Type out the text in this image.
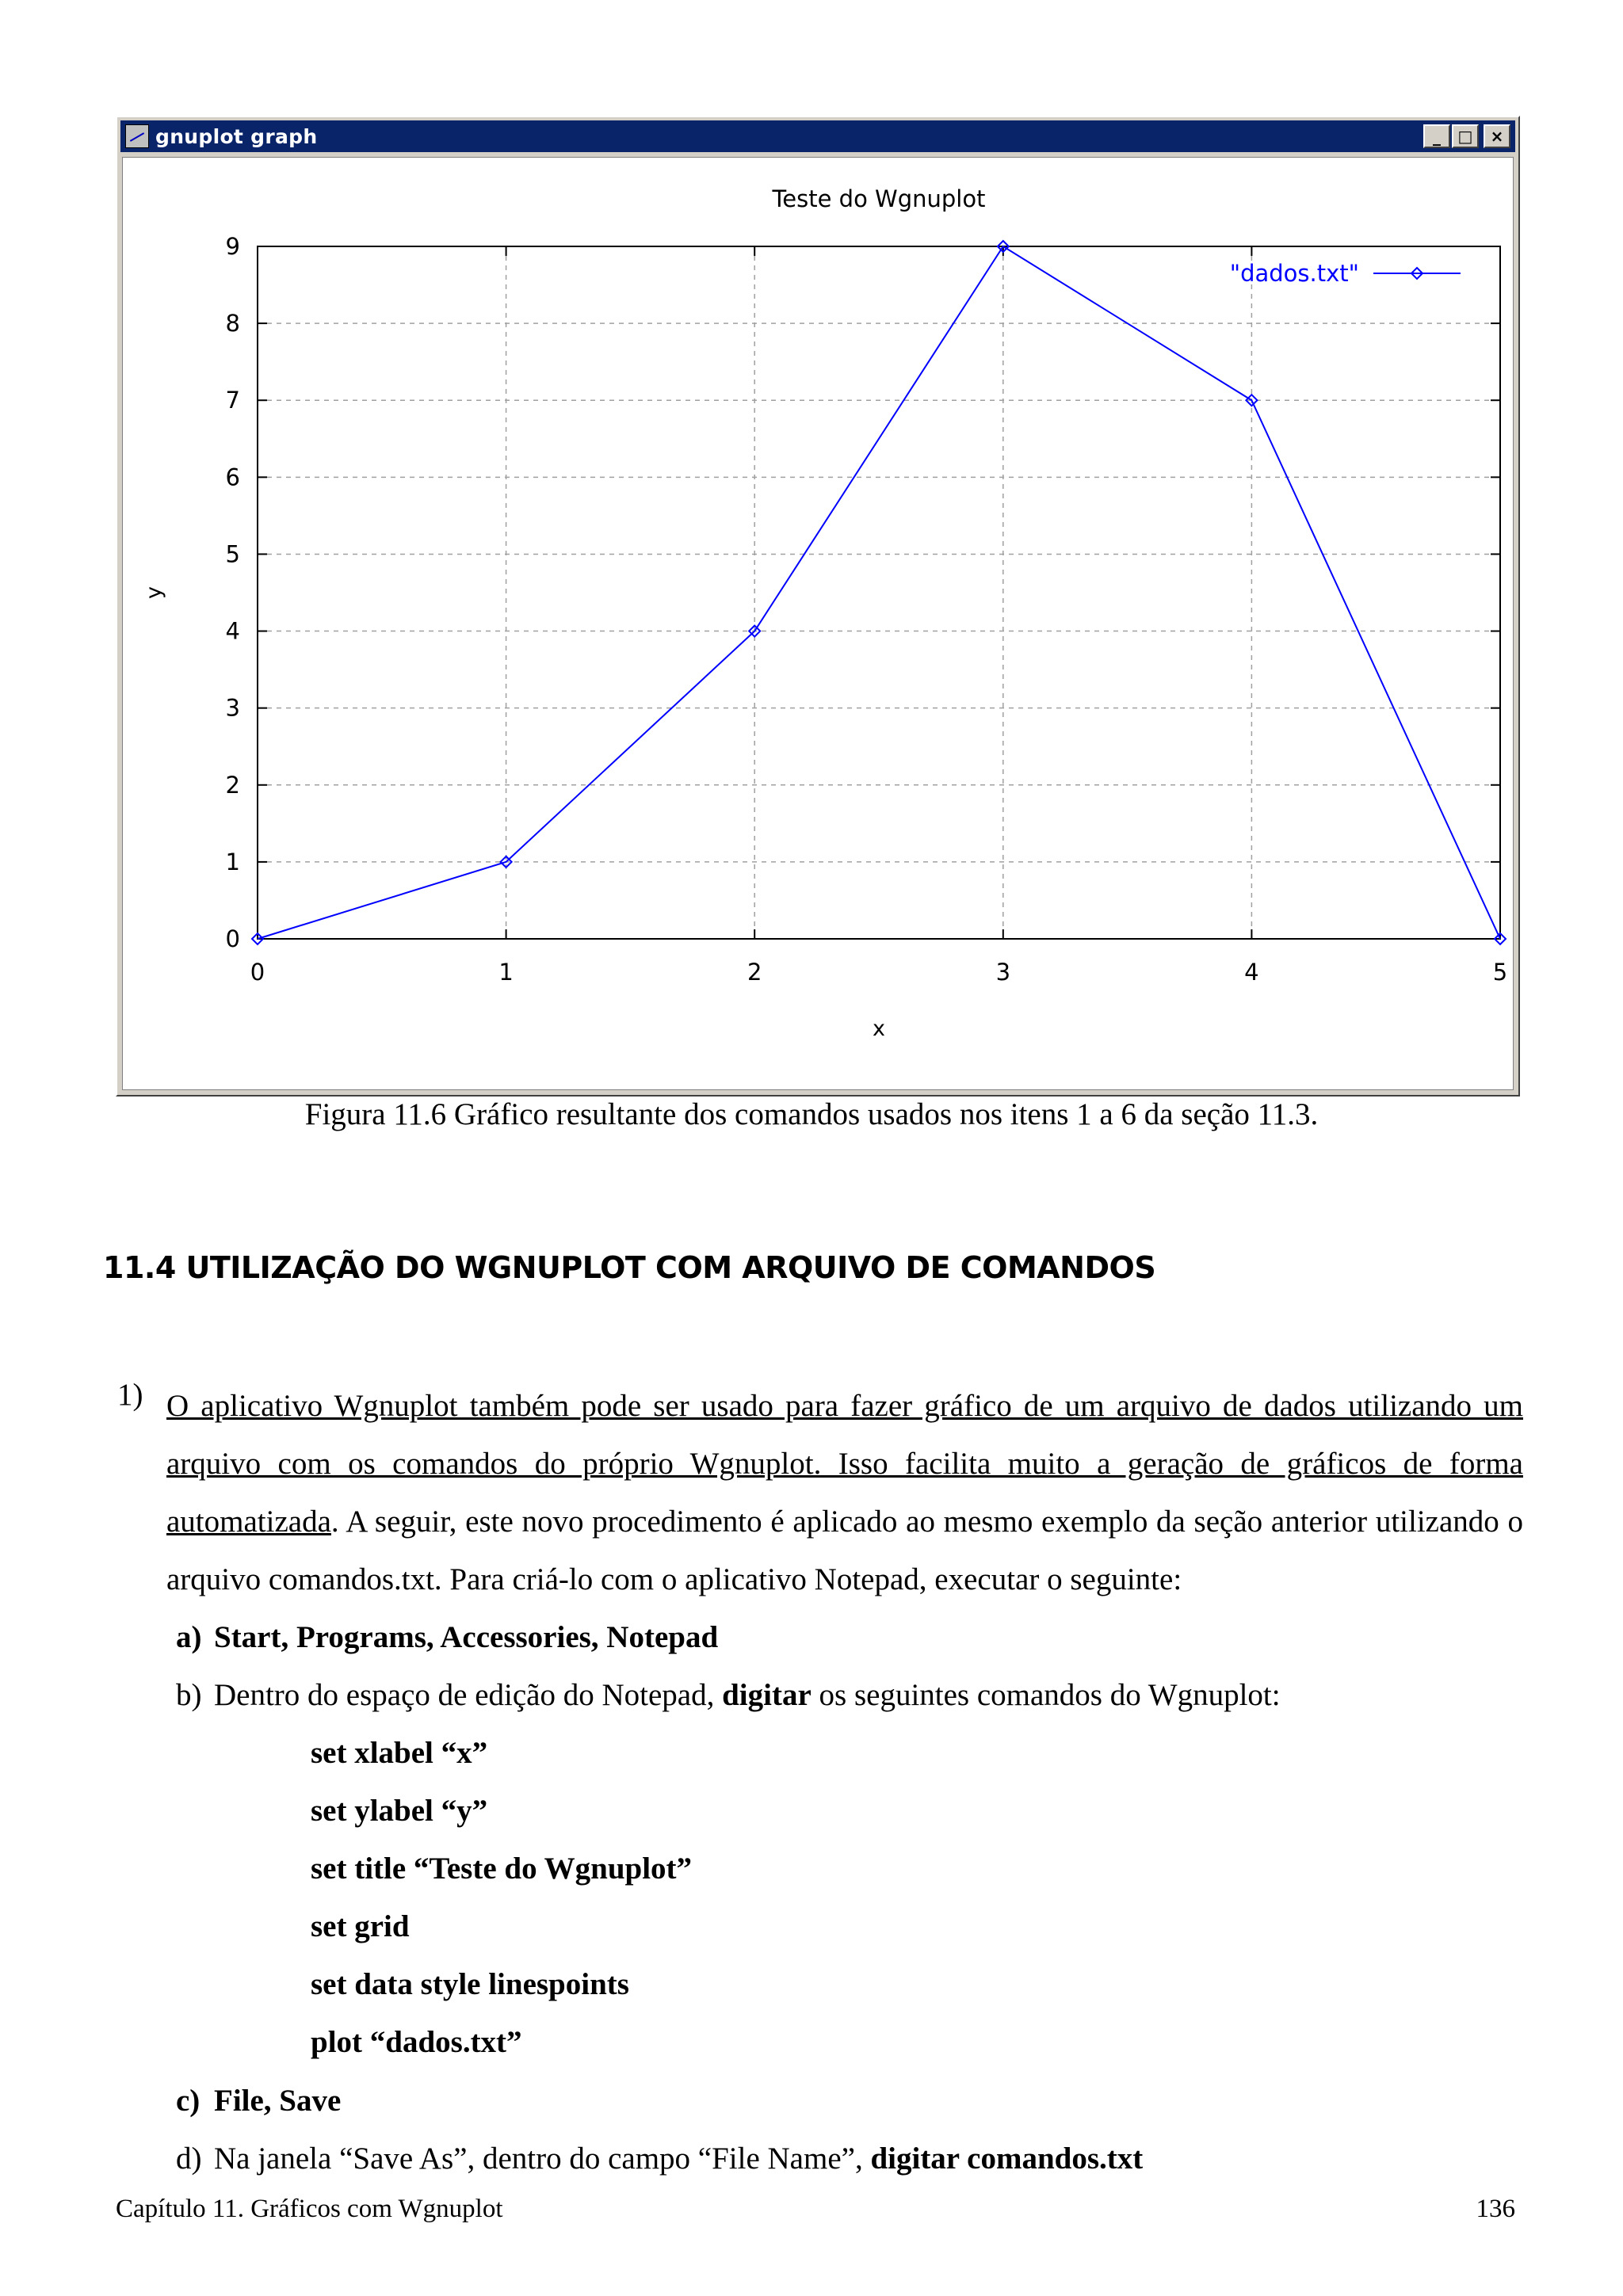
gnuplot graph	_	□	×
0	1	2	3	4	5
0
1
2
3
4
5
6
7
8
9
Teste do Wgnuplot
x
y
"dados.txt"
Figura 11.6 Gráfico resultante dos comandos usados nos itens 1 a 6 da seção 11.3.
11.4 UTILIZAÇÃO DO WGNUPLOT COM ARQUIVO DE COMANDOS
1) O aplicativo Wgnuplot também pode ser usado para fazer gráfico de um arquivo de dados utilizando um arquivo com os comandos do próprio Wgnuplot. Isso facilita muito a geração de gráficos de forma automatizada. A seguir, este novo procedimento é aplicado ao mesmo exemplo da seção anterior utilizando o arquivo comandos.txt. Para criá-lo com o aplicativo Notepad, executar o seguinte:
a) Start, Programs, Accessories, Notepad
b) Dentro do espaço de edição do Notepad, digitar os seguintes comandos do Wgnuplot:
set xlabel “x”
set ylabel “y”
set title “Teste do Wgnuplot”
set grid
set data style linespoints
plot “dados.txt”
c) File, Save
d) Na janela “Save As”, dentro do campo “File Name”, digitar comandos.txt
Capítulo 11. Gráficos com Wgnuplot	136
